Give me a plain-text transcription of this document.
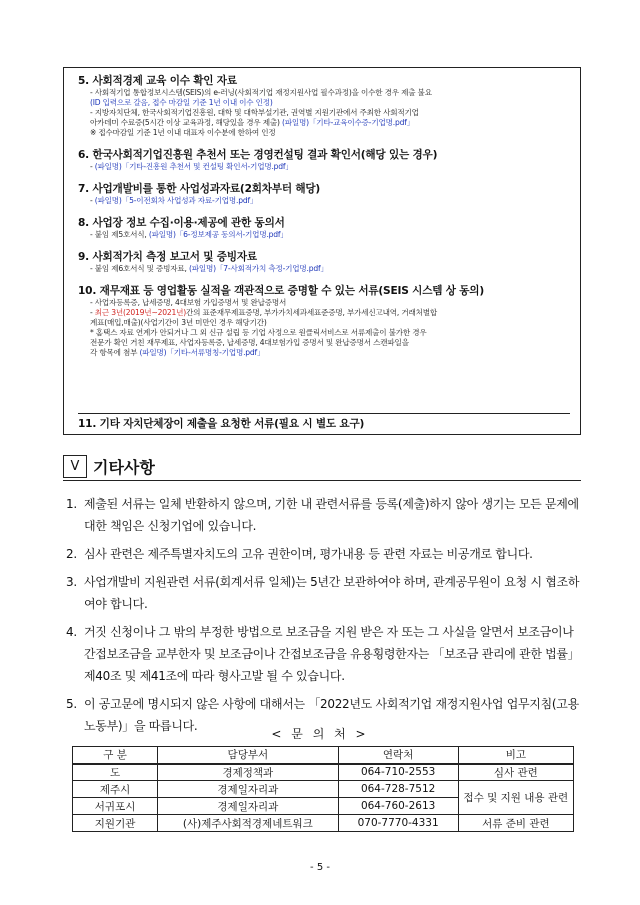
5. 사회적경제 교육 이수 확인 자료
- 사회적기업 통합정보시스템(SEIS)의 e-러닝(사회적기업 재정지원사업 필수과정)을 이수한 경우 제출 불요
(ID 입력으로 갈음, 접수 마감일 기준 1년 이내 이수 인정)
- 지방자치단체, 한국사회적기업진흥원, 대학 및 대학부설기관, 권역별 지원기관에서 주최한 사회적기업
아카데미 수료증(5시간 이상 교육과정, 해당있을 경우 제출) (파일명)「기타-교육이수증-기업명.pdf」
※ 접수마감일 기준 1년 이내 대표자 이수분에 한하여 인정
6. 한국사회적기업진흥원 추천서 또는 경영컨설팅 결과 확인서(해당 있는 경우)
- (파일명)「기타-진흥원 추천서 및 컨설팅 확인서-기업명.pdf」
7. 사업개발비를 통한 사업성과자료(2회차부터 해당)
- (파일명)「5-이전회차 사업성과 자료-기업명.pdf」
8. 사업장 정보 수집·이용·제공에 관한 동의서
- 붙임 제5호서식, (파일명)「6-정보제공 동의서-기업명.pdf」
9. 사회적가치 측정 보고서 및 증빙자료
- 붙임 제6호서식 및 증빙자료, (파일명)「7-사회적가치 측정-기업명.pdf」
10. 재무재표 등 영업활동 실적을 객관적으로 증명할 수 있는 서류(SEIS 시스템 상 동의)
- 사업자등록증, 납세증명, 4대보험 가입증명서 및 완납증명서
- 최근 3년(2019년~2021년)간의 표준재무제표증명, 부가가치세과세표준증명, 부가세신고내역, 거래처별합
계표(매입,매출)(사업기간이 3년 미만인 경우 해당기간)
* 홈택스 자료 연계가 안되거나 그 외 신규 설립 등 기업 사정으로 원클릭서비스로 서류제출이 불가한 경우
전문가 확인 거친 재무제표, 사업자등록증, 납세증명, 4대보험가입 증명서 및 완납증명서 스캔파일을
각 항목에 첨부 (파일명)「기타-서류명칭-기업명.pdf」
11. 기타 자치단체장이 제출을 요청한 서류(필요 시 별도 요구)
Ⅴ 기타사항
1. 제출된 서류는 일체 반환하지 않으며, 기한 내 관련서류를 등록(제출)하지 않아 생기는 모든 문제에 대한 책임은 신청기업에 있습니다.
2. 심사 관련은 제주특별자치도의 고유 권한이며, 평가내용 등 관련 자료는 비공개로 합니다.
3. 사업개발비 지원관련 서류(회계서류 일체)는 5년간 보관하여야 하며, 관계공무원이 요청 시 협조하여야 합니다.
4. 거짓 신청이나 그 밖의 부정한 방법으로 보조금을 지원 받은 자 또는 그 사실을 알면서 보조금이나 간접보조금을 교부한자 및 보조금이나 간접보조금을 유용횡령한자는 「보조금 관리에 관한 법률」 제40조 및 제41조에 따라 형사고발 될 수 있습니다.
5. 이 공고문에 명시되지 않은 사항에 대해서는 「2022년도 사회적기업 재정지원사업 업무지침(고용노동부)」을 따릅니다.
< 문 의 처 >
구 분	담당부서	연락처	비고
도	경제정책과	064-710-2553	심사 관련
제주시	경제일자리과	064-728-7512	접수 및 지원 내용 관련
서귀포시	경제일자리과	064-760-2613	
지원기관	(사)제주사회적경제네트워크	070-7770-4331	서류 준비 관련
- 5 -
